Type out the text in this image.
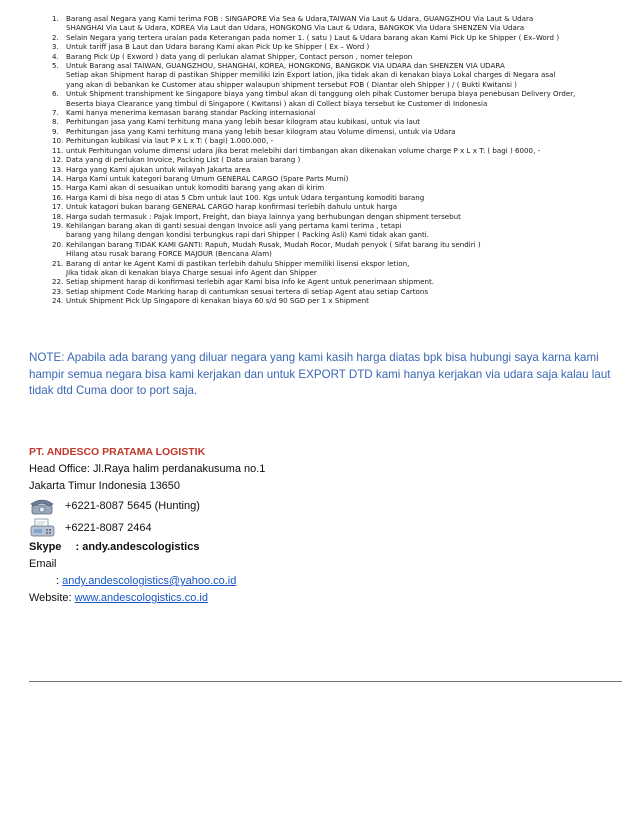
1.	Barang asal Negara yang Kami terima FOB : SINGAPORE Via Sea & Udara,TAIWAN Via Laut & Udara, GUANGZHOU Via Laut & Udara
SHANGHAI Via Laut & Udara, KOREA Via Laut dan Udara, HONGKONG Via Laut & Udara, BANGKOK Via Udara SHENZEN Via Udara
2.	Selain Negara yang tertera uraian pada Keterangan pada nomer 1. ( satu ) Laut & Udara barang akan Kami Pick Up ke Shipper ( Ex–Word )
3.	Untuk tariff jasa B Laut dan Udara barang Kami akan Pick Up ke Shipper ( Ex – Word )
4.	Barang Pick Up ( Exword ) data yang di perlukan alamat Shipper, Contact person , nomer telepon
5.	Untuk Barang asal TAIWAN, GUANGZHOU, SHANGHAI, KOREA, HONGKONG, BANGKOK VIA UDARA dan SHENZEN VIA UDARA
Setiap akan Shipment harap di pastikan Shipper memiliki Izin Export lation, jika tidak akan di kenakan biaya Lokal charges di Negara asal
yang akan di bebankan ke Customer atau shipper walaupun shipment tersebut FOB ( Diantar oleh Shipper ) / ( Bukti Kwitansi )
6.	Untuk Shipment transhipment ke Singapore biaya yang timbul akan di tanggung oleh pihak Customer berupa biaya penebusan Delivery Order,
Beserta biaya Clearance yang timbul di Singapore ( Kwitansi ) akan di Collect biaya tersebut ke Customer di Indonesia
7.	Kami hanya menerima kemasan barang standar Packing internasional
8.	Perhitungan jasa yang Kami terhitung mana yang lebih besar kilogram atau kubikasi, untuk via laut
9.	Perhitungan jasa yang Kami terhitung mana yang lebih besar kilogram atau Volume dimensi, untuk via Udara
10. Perhitungan kubikasi via laut P x L x T: ( bagi) 1.000.000, -
11. untuk Perhitungan volume dimensi udara jika berat melebihi dari timbangan akan dikenakan volume charge P x L x T: ( bagi ) 6000, -
12. Data yang di perlukan Invoice, Packing List ( Data uraian barang )
13. Harga yang Kami ajukan untuk wilayah Jakarta area
14. Harga Kami untuk kategori barang Umum GENERAL CARGO (Spare Parts Murni)
15. Harga Kami akan di sesuaikan untuk komoditi barang yang akan di kirim
16. Harga Kami di bisa nego di atas 5 Cbm untuk laut 100. Kgs untuk Udara tergantung komoditi barang
17. Untuk katagori bukan barang GENERAL CARGO harap konfirmasi terlebih dahulu untuk harga
18. Harga sudah termasuk : Pajak Import, Freight, dan biaya lainnya yang berhubungan dengan shipment tersebut
19. Kehilangan barang akan di ganti sesuai dengan Invoice asli yang pertama kami terima , tetapi
barang yang hilang dengan kondisi terbungkus rapi dari Shipper ( Packing Asli) Kami tidak akan ganti.
20. Kehilangan barang TIDAK KAMI GANTI: Rapuh, Mudah Rusak, Mudah Rocor, Mudah penyok ( Sifat barang itu sendiri )
Hilang atau rusak barang FORCE MAJOUR (Bencana Alam)
21. Barang di antar ke Agent Kami di pastikan terlebih dahulu Shipper memiliki lisensi ekspor letion,
Jika tidak akan di kenakan biaya Charge sesuai info Agent dan Shipper
22. Setiap shipment harap di konfirmasi terlebih agar Kami bisa info ke Agent untuk penerimaan shipment.
23. Setiap shipment Code Marking harap di cantumkan sesuai tertera di setiap Agent atau setiap Cartons
24. Untuk Shipment Pick Up Singapore di kenakan biaya 60 s/d 90 SGD per 1 x Shipment

NOTE: Apabila ada barang yang diluar negara yang kami kasih harga diatas bpk bisa hubungi saya karna kami hampir semua negara bisa kami kerjakan dan untuk EXPORT DTD kami hanya kerjakan via udara saja kalau laut tidak dtd Cuma door to port saja.

PT. ANDESCO PRATAMA LOGISTIK
Head Office: Jl.Raya halim perdanakusuma no.1
Jakarta Timur Indonesia 13650
+6221-8087 5645 (Hunting)
+6221-8087 2464
Skype : andy.andescologistics
Email
: andy.andescologistics@yahoo.co.id
Website: www.andescologistics.co.id
